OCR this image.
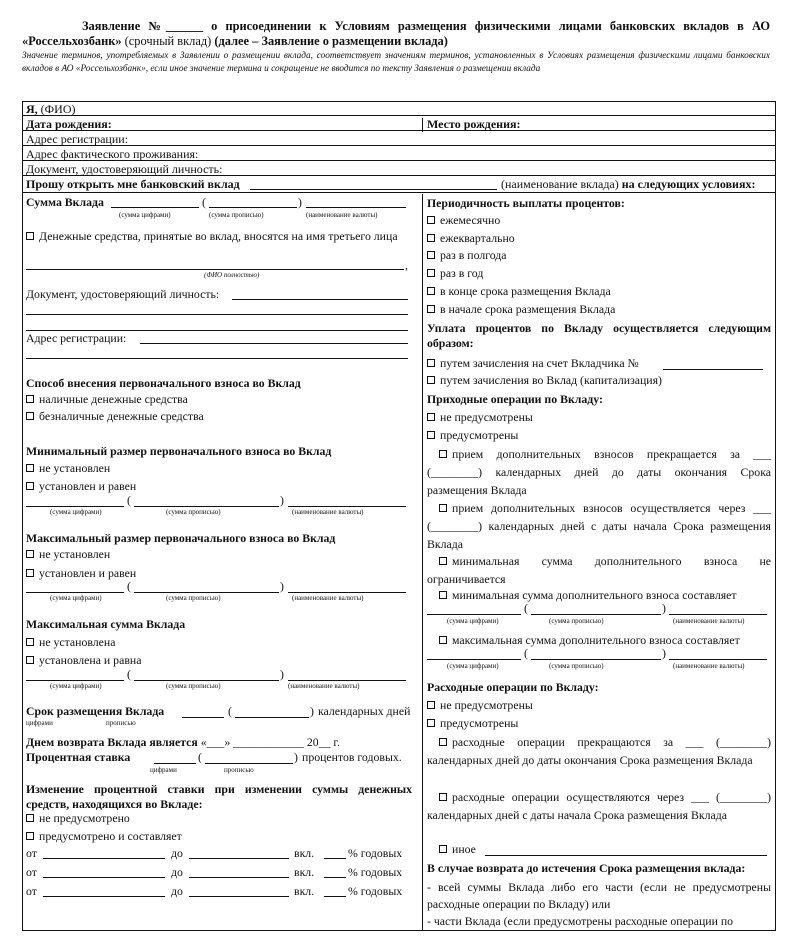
Заявление №______ о присоединении к Условиям размещения физическими лицами банковских вкладов в АО «Россельхозбанк» (срочный вклад) (далее – Заявление о размещении вклада)
Значение терминов, употребляемых в Заявлении о размещении вклада, соответствует значениям терминов, установленных в Условиях размещения физическими лицами банковских вкладов в АО «Россельхозбанк», если иное значение термина и сокращение не вводится по тексту Заявления о размещении вклада
Я, (ФИО)
Дата рождения:	Место рождения:
Адрес регистрации:
Адрес фактического проживания:
Документ, удостоверяющий личность:
Прошу открыть мне банковский вклад	(наименование вклада) на следующих условиях:
Сумма Вклада	(	)
(сумма цифрами)	(сумма прописью)	(наименование валюты)
Денежные средства, принятые во вклад, вносятся на имя третьего лица
,
(ФИО полностью)
Документ, удостоверяющий личность:
Адрес регистрации:
Способ внесения первоначального взноса во Вклад
наличные денежные средства
безналичные денежные средства
Минимальный размер первоначального взноса во Вклад
не установлен
установлен и равен
(	)
(сумма цифрами)	(сумма прописью)	(наименование валюты)
Максимальный размер первоначального взноса во Вклад
не установлен
установлен и равен
(	)
(сумма цифрами)	(сумма прописью)	(наименование валюты)
Максимальная сумма Вклада
не установлена
установлена и равна
(	)
(сумма цифрами)	(сумма прописью)	(наименование валюты)
Срок размещения Вклада	(	) календарных дней
цифрами	прописью
Днем возврата Вклада является «___» ____________ 20__ г.
Процентная ставка	(	) процентов годовых.
цифрами	прописью
Изменение процентной ставки при изменении суммы денежных средств, находящихся во Вкладе:
не предусмотрено
предусмотрено и составляет
от	до	вкл.	% годовых
от	до	вкл.	% годовых
от	до	вкл.	% годовых
Периодичность выплаты процентов:
ежемесячно
ежеквартально
раз в полгода
раз в год
в конце срока размещения Вклада
в начале срока размещения Вклада
Уплата процентов по Вкладу осуществляется следующим образом:
путем зачисления на счет Вкладчика №
путем зачисления во Вклад (капитализация)
Приходные операции по Вкладу:
не предусмотрены
предусмотрены
прием дополнительных взносов прекращается за ___ (________) календарных дней до даты окончания Срока размещения Вклада
прием дополнительных взносов осуществляется через ___ (________) календарных дней с даты начала Срока размещения Вклада
минимальная сумма дополнительного взноса не ограничивается
минимальная сумма дополнительного взноса составляет
(	)
(сумма цифрами)	(сумма прописью)	(наименование валюты)
максимальная сумма дополнительного взноса составляет
(	)
(сумма цифрами)	(сумма прописью)	(наименование валюты)
Расходные операции по Вкладу:
не предусмотрены
предусмотрены
расходные операции прекращаются за ___ (________) календарных дней до даты окончания Срока размещения Вклада
расходные операции осуществляются через ___ (________) календарных дней с даты начала Срока размещения Вклада
иное
В случае возврата до истечения Срока размещения вклада:
- всей суммы Вклада либо его части (если не предусмотрены расходные операции по Вкладу) или
- части Вклада (если предусмотрены расходные операции по
